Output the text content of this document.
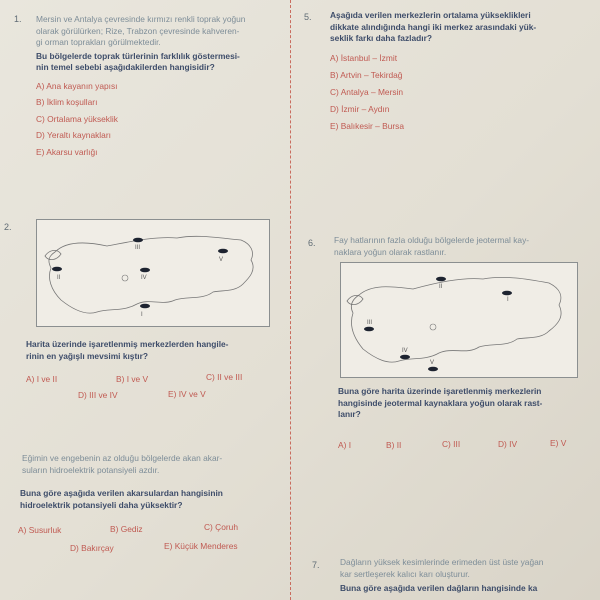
1. Mersin ve Antalya çevresinde kırmızı renkli toprak yoğun
olarak görülürken; Rize, Trabzon çevresinde kahveren-
gi orman toprakları görülmektedir.
Bu bölgelerde toprak türlerinin farklılık göstermesi-
nin temel sebebi aşağıdakilerden hangisidir?
A) Ana kayanın yapısı
B) İklim koşulları
C) Ortalama yükseklik
D) Yeraltı kaynakları
E) Akarsu varlığı
2.
III
II	IV
I
V
Harita üzerinde işaretlenmiş merkezlerden hangile-
rinin en yağışlı mevsimi kıştır?
A) I ve II	B) I ve V	C) II ve III
D) III ve IV	E) IV ve V
Eğimin ve engebenin az olduğu bölgelerde akan akar-
suların hidroelektrik potansiyeli azdır.
Buna göre aşağıda verilen akarsulardan hangisinin
hidroelektrik potansiyeli daha yüksektir?
A) Susurluk	B) Gediz	C) Çoruh
D) Bakırçay	E) Küçük Menderes
5. Aşağıda verilen merkezlerin ortalama yükseklikleri
dikkate alındığında hangi iki merkez arasındaki yük-
seklik farkı daha fazladır?
A) İstanbul – İzmit
B) Artvin – Tekirdağ
C) Antalya – Mersin
D) İzmir – Aydın
E) Balıkesir – Bursa
6. Fay hatlarının fazla olduğu bölgelerde jeotermal kay-
naklara yoğun olarak rastlanır.
I
II
III
IV
V
Buna göre harita üzerinde işaretlenmiş merkezlerin
hangisinde jeotermal kaynaklara yoğun olarak rast-
lanır?
A) I	B) II	C) III	D) IV	E) V
7. Dağların yüksek kesimlerinde erimeden üst üste yağan
kar sertleşerek kalıcı karı oluşturur.
Buna göre aşağıda verilen dağların hangisinde ka
